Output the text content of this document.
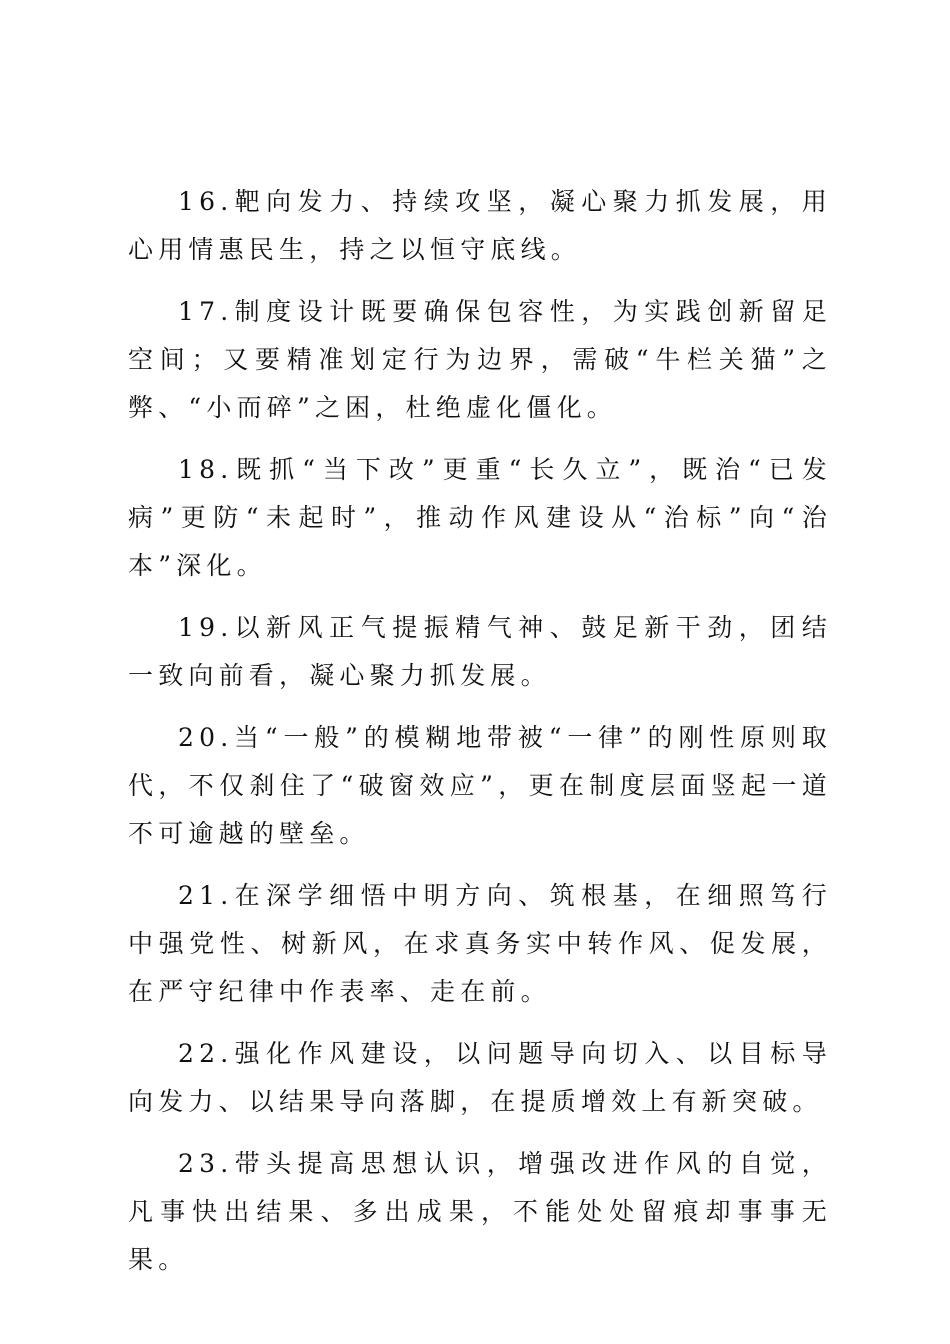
16.靶向发力、持续攻坚，凝心聚力抓发展，用心用情惠民生，持之以恒守底线。

17.制度设计既要确保包容性，为实践创新留足空间；又要精准划定行为边界，需破“牛栏关猫”之弊、“小而碎”之困，杜绝虚化僵化。

18.既抓“当下改”更重“长久立”，既治“已发病”更防“未起时”，推动作风建设从“治标”向“治本”深化。

19.以新风正气提振精气神、鼓足新干劲，团结一致向前看，凝心聚力抓发展。

20.当“一般”的模糊地带被“一律”的刚性原则取代，不仅刹住了“破窗效应”，更在制度层面竖起一道不可逾越的壁垒。

21.在深学细悟中明方向、筑根基，在细照笃行中强党性、树新风，在求真务实中转作风、促发展，在严守纪律中作表率、走在前。

22.强化作风建设，以问题导向切入、以目标导向发力、以结果导向落脚，在提质增效上有新突破。

23.带头提高思想认识，增强改进作风的自觉，凡事快出结果、多出成果，不能处处留痕却事事无果。
